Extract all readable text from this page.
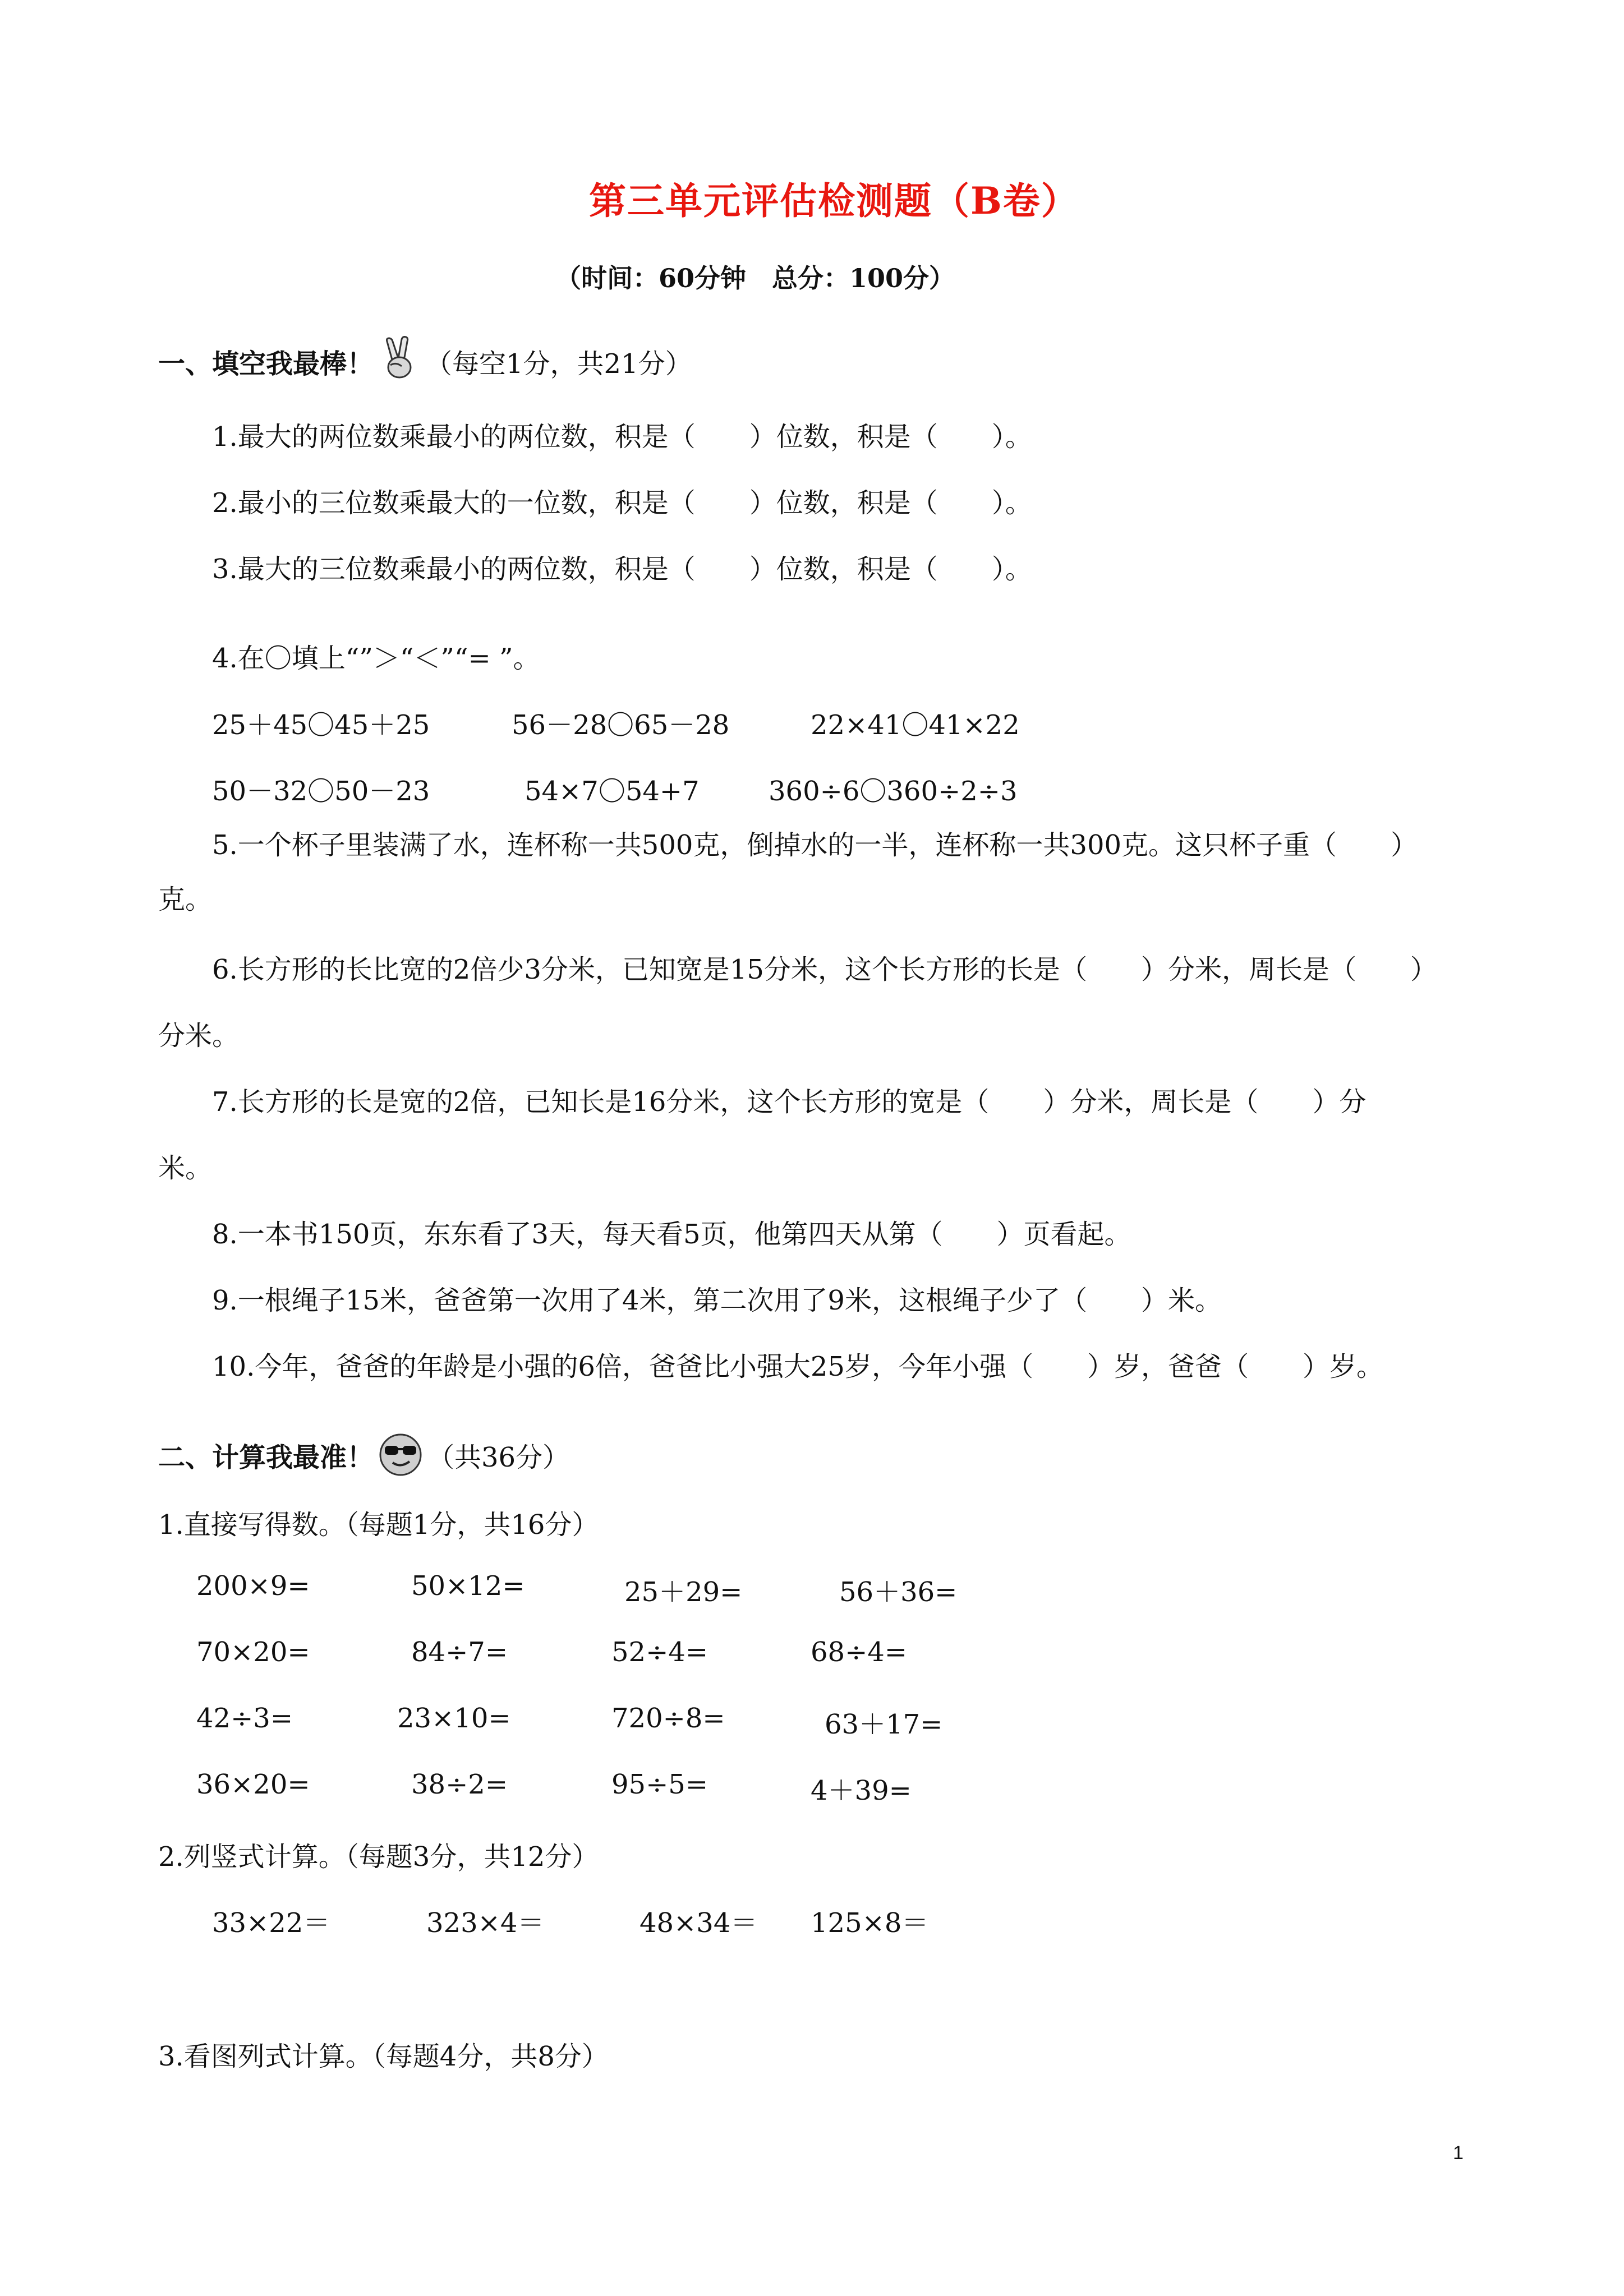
第三单元评估检测题（B卷）
（时间：60分钟　总分：100分）
一、填空我最棒！ （每空1分，共21分）
1.最大的两位数乘最小的两位数，积是（　　）位数，积是（　　）。
2.最小的三位数乘最大的一位数，积是（　　）位数，积是（　　）。
3.最大的三位数乘最小的两位数，积是（　　）位数，积是（　　）。
4.在〇填上“”＞“＜”“= ”。
25＋45〇45＋25	56－28〇65－28	22×41〇41×22
50－32〇50－23	54×7〇54+7	360÷6〇360÷2÷3
5.一个杯子里装满了水，连杯称一共500克，倒掉水的一半，连杯称一共300克。这只杯子重（　　）
克。
6.长方形的长比宽的2倍少3分米，已知宽是15分米，这个长方形的长是（　　）分米，周长是（　　）
分米。
7.长方形的长是宽的2倍，已知长是16分米，这个长方形的宽是（　　）分米，周长是（　　）分
米。
8.一本书150页，东东看了3天，每天看5页，他第四天从第（　　）页看起。
9.一根绳子15米，爸爸第一次用了4米，第二次用了9米，这根绳子少了（　　）米。
10.今年，爸爸的年龄是小强的6倍，爸爸比小强大25岁，今年小强（　　）岁，爸爸（　　）岁。
二、计算我最准！ （共36分）
1.直接写得数。（每题1分，共16分）
200×9=	50×12=	25＋29=	56＋36=
70×20=	84÷7=	52÷4=	68÷4=
42÷3=	23×10=	720÷8=	63＋17=
36×20=	38÷2=	95÷5=	4＋39=
2.列竖式计算。（每题3分，共12分）
33×22＝	323×4＝	48×34＝ 125×8＝
3.看图列式计算。（每题4分，共8分）
1
